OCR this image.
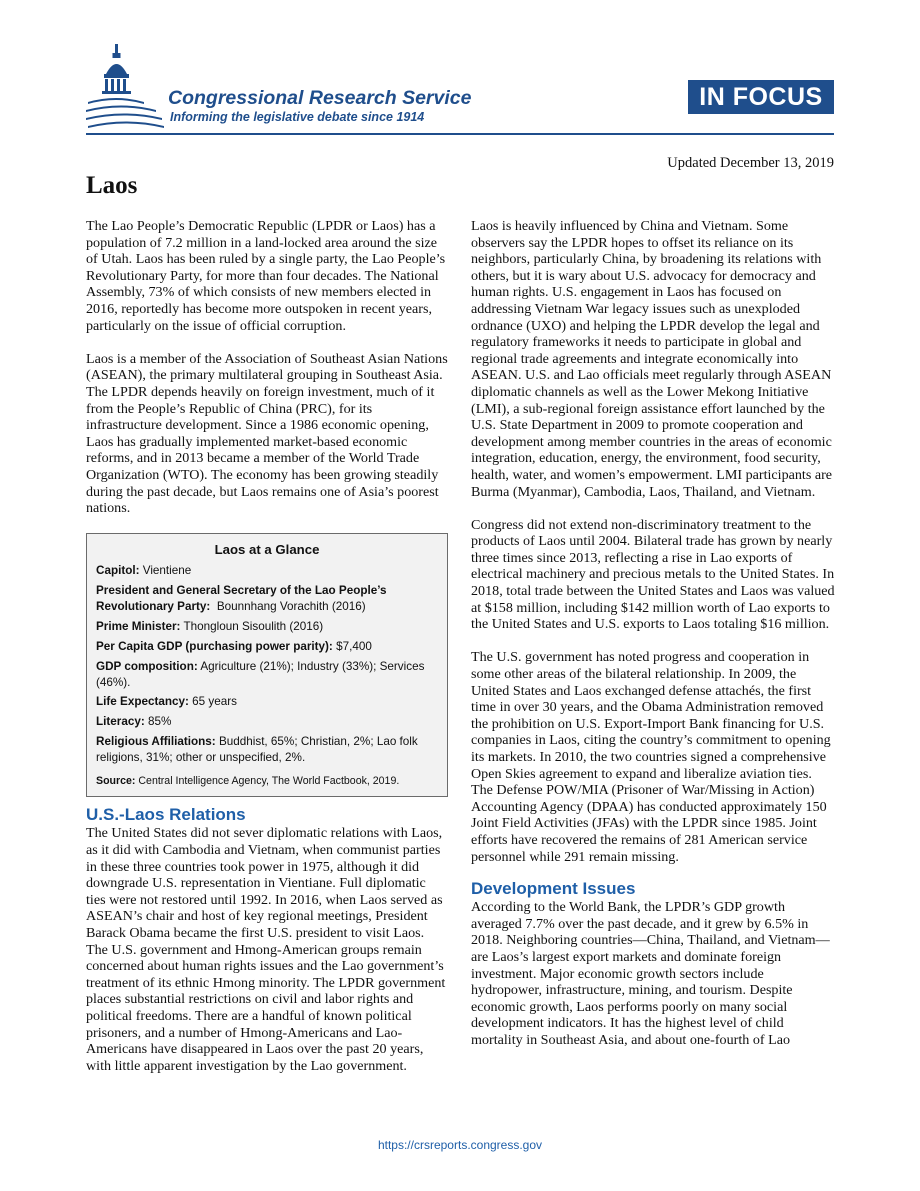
Congressional Research Service
Informing the legislative debate since 1914
IN FOCUS
Updated December 13, 2019
Laos

The Lao People’s Democratic Republic (LPDR or Laos) has a population of 7.2 million in a land-locked area around the size of Utah. Laos has been ruled by a single party, the Lao People’s Revolutionary Party, for more than four decades. The National Assembly, 73% of which consists of new members elected in 2016, reportedly has become more outspoken in recent years, particularly on the issue of official corruption.

Laos is a member of the Association of Southeast Asian Nations (ASEAN), the primary multilateral grouping in Southeast Asia. The LPDR depends heavily on foreign investment, much of it from the People’s Republic of China (PRC), for its infrastructure development. Since a 1986 economic opening, Laos has gradually implemented market-based economic reforms, and in 2013 became a member of the World Trade Organization (WTO). The economy has been growing steadily during the past decade, but Laos remains one of Asia’s poorest nations.

Laos at a Glance
Capitol: Vientiene
President and General Secretary of the Lao People’s Revolutionary Party: Bounnhang Vorachith (2016)
Prime Minister: Thongloun Sisoulith (2016)
Per Capita GDP (purchasing power parity): $7,400
GDP composition: Agriculture (21%); Industry (33%); Services (46%).
Life Expectancy: 65 years
Literacy: 85%
Religious Affiliations: Buddhist, 65%; Christian, 2%; Lao folk religions, 31%; other or unspecified, 2%.
Source: Central Intelligence Agency, The World Factbook, 2019.
U.S.-Laos Relations

The United States did not sever diplomatic relations with Laos, as it did with Cambodia and Vietnam, when communist parties in these three countries took power in 1975, although it did downgrade U.S. representation in Vientiane. Full diplomatic ties were not restored until 1992. In 2016, when Laos served as ASEAN’s chair and host of key regional meetings, President Barack Obama became the first U.S. president to visit Laos. The U.S. government and Hmong-American groups remain concerned about human rights issues and the Lao government’s treatment of its ethnic Hmong minority. The LPDR government places substantial restrictions on civil and labor rights and political freedoms. There are a handful of known political prisoners, and a number of Hmong-Americans and Lao-Americans have disappeared in Laos over the past 20 years, with little apparent investigation by the Lao government.

Laos is heavily influenced by China and Vietnam. Some observers say the LPDR hopes to offset its reliance on its neighbors, particularly China, by broadening its relations with others, but it is wary about U.S. advocacy for democracy and human rights. U.S. engagement in Laos has focused on addressing Vietnam War legacy issues such as unexploded ordnance (UXO) and helping the LPDR develop the legal and regulatory frameworks it needs to participate in global and regional trade agreements and integrate economically into ASEAN. U.S. and Lao officials meet regularly through ASEAN diplomatic channels as well as the Lower Mekong Initiative (LMI), a sub-regional foreign assistance effort launched by the U.S. State Department in 2009 to promote cooperation and development among member countries in the areas of economic integration, education, energy, the environment, food security, health, water, and women’s empowerment. LMI participants are Burma (Myanmar), Cambodia, Laos, Thailand, and Vietnam.

Congress did not extend non-discriminatory treatment to the products of Laos until 2004. Bilateral trade has grown by nearly three times since 2013, reflecting a rise in Lao exports of electrical machinery and precious metals to the United States. In 2018, total trade between the United States and Laos was valued at $158 million, including $142 million worth of Lao exports to the United States and U.S. exports to Laos totaling $16 million.

The U.S. government has noted progress and cooperation in some other areas of the bilateral relationship. In 2009, the United States and Laos exchanged defense attachés, the first time in over 30 years, and the Obama Administration removed the prohibition on U.S. Export-Import Bank financing for U.S. companies in Laos, citing the country’s commitment to opening its markets. In 2010, the two countries signed a comprehensive Open Skies agreement to expand and liberalize aviation ties. The Defense POW/MIA (Prisoner of War/Missing in Action) Accounting Agency (DPAA) has conducted approximately 150 Joint Field Activities (JFAs) with the LPDR since 1985. Joint efforts have recovered the remains of 281 American service personnel while 291 remain missing.

Development Issues

According to the World Bank, the LPDR’s GDP growth averaged 7.7% over the past decade, and it grew by 6.5% in 2018. Neighboring countries—China, Thailand, and Vietnam—are Laos’s largest export markets and dominate foreign investment. Major economic growth sectors include hydropower, infrastructure, mining, and tourism. Despite economic growth, Laos performs poorly on many social development indicators. It has the highest level of child mortality in Southeast Asia, and about one-fourth of Lao

https://crsreports.congress.gov
